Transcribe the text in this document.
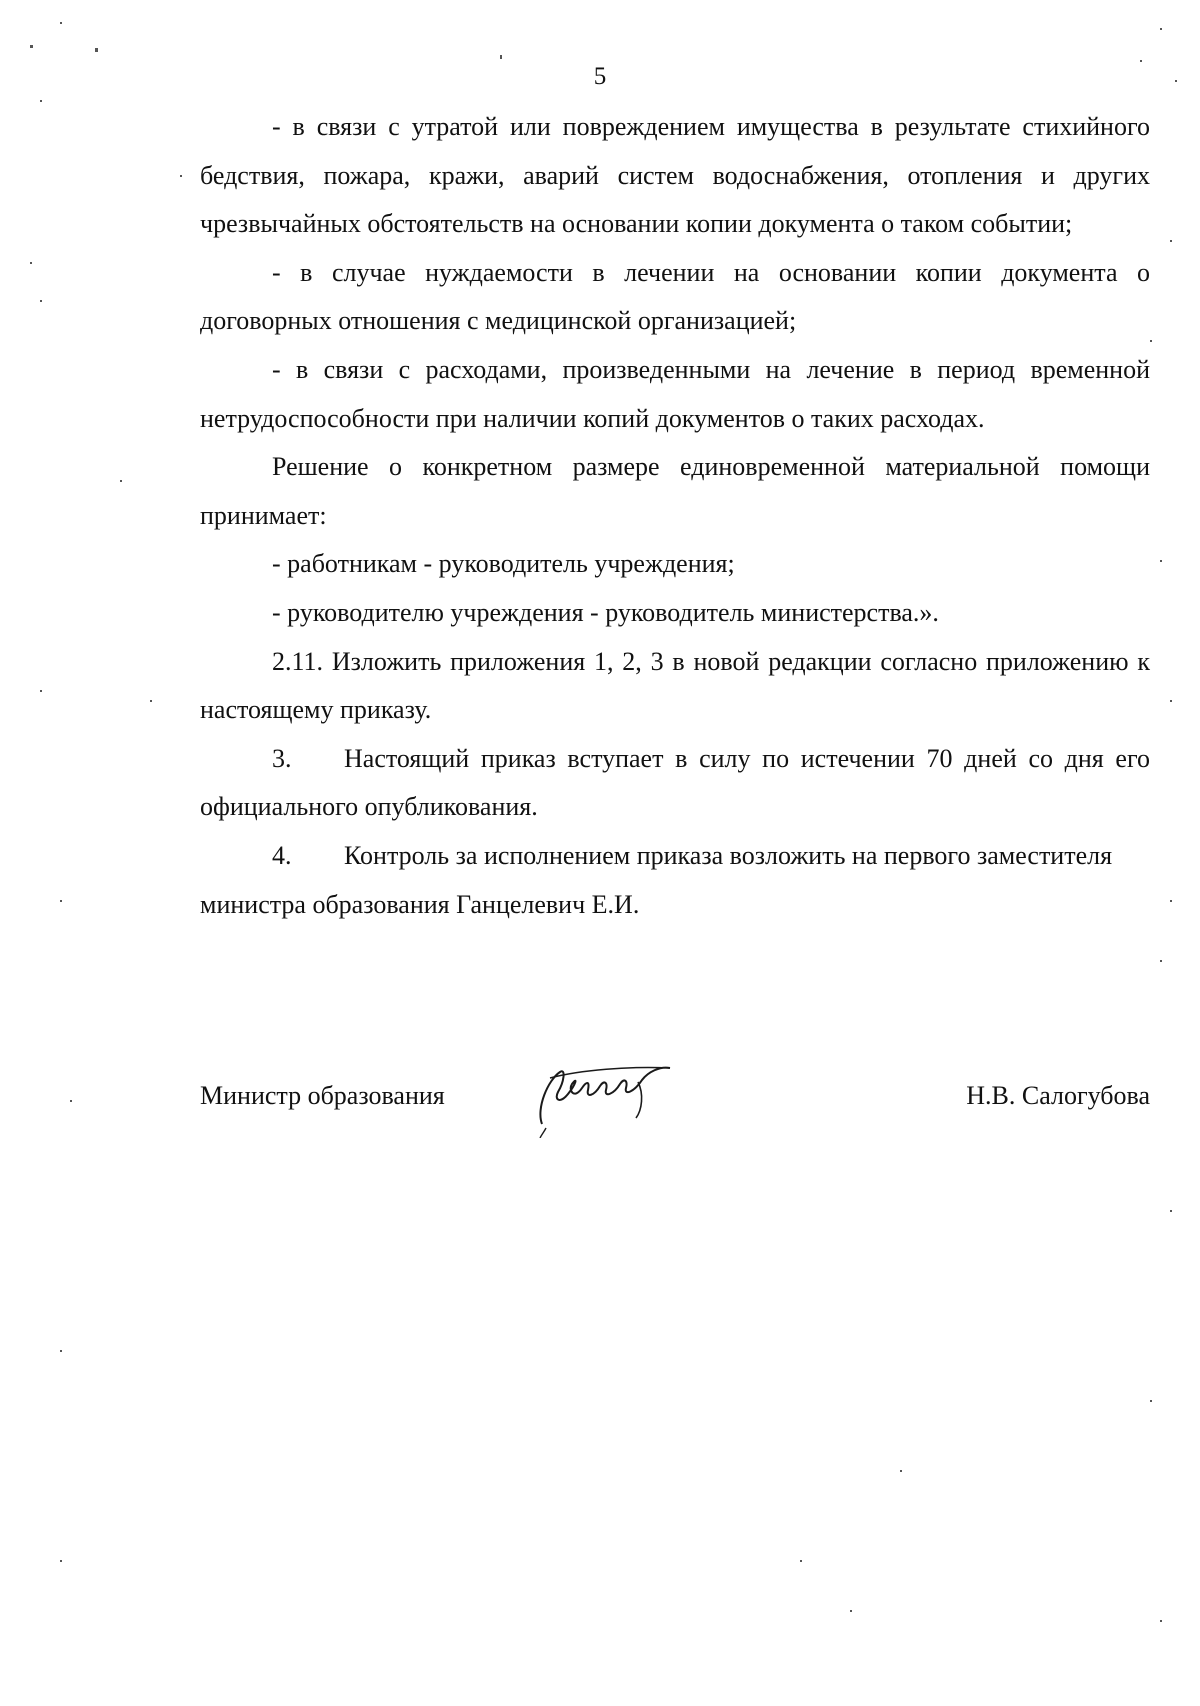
5

- в связи с утратой или повреждением имущества в результате стихийного бедствия, пожара, кражи, аварий систем водоснабжения, отопления и других чрезвычайных обстоятельств на основании копии документа о таком событии;

- в случае нуждаемости в лечении на основании копии документа о договорных отношения с медицинской организацией;

- в связи с расходами, произведенными на лечение в период временной нетрудоспособности при наличии копий документов о таких расходах.

Решение о конкретном размере единовременной материальной помощи принимает:

- работникам - руководитель учреждения;

- руководителю учреждения - руководитель министерства.».

2.11. Изложить приложения 1, 2, 3 в новой редакции согласно приложению к настоящему приказу.

3. Настоящий приказ вступает в силу по истечении 70 дней со дня его официального опубликования.

4. Контроль за исполнением приказа возложить на первого заместителя министра образования Ганцелевич Е.И.

Министр образования	Н.В. Салогубова
